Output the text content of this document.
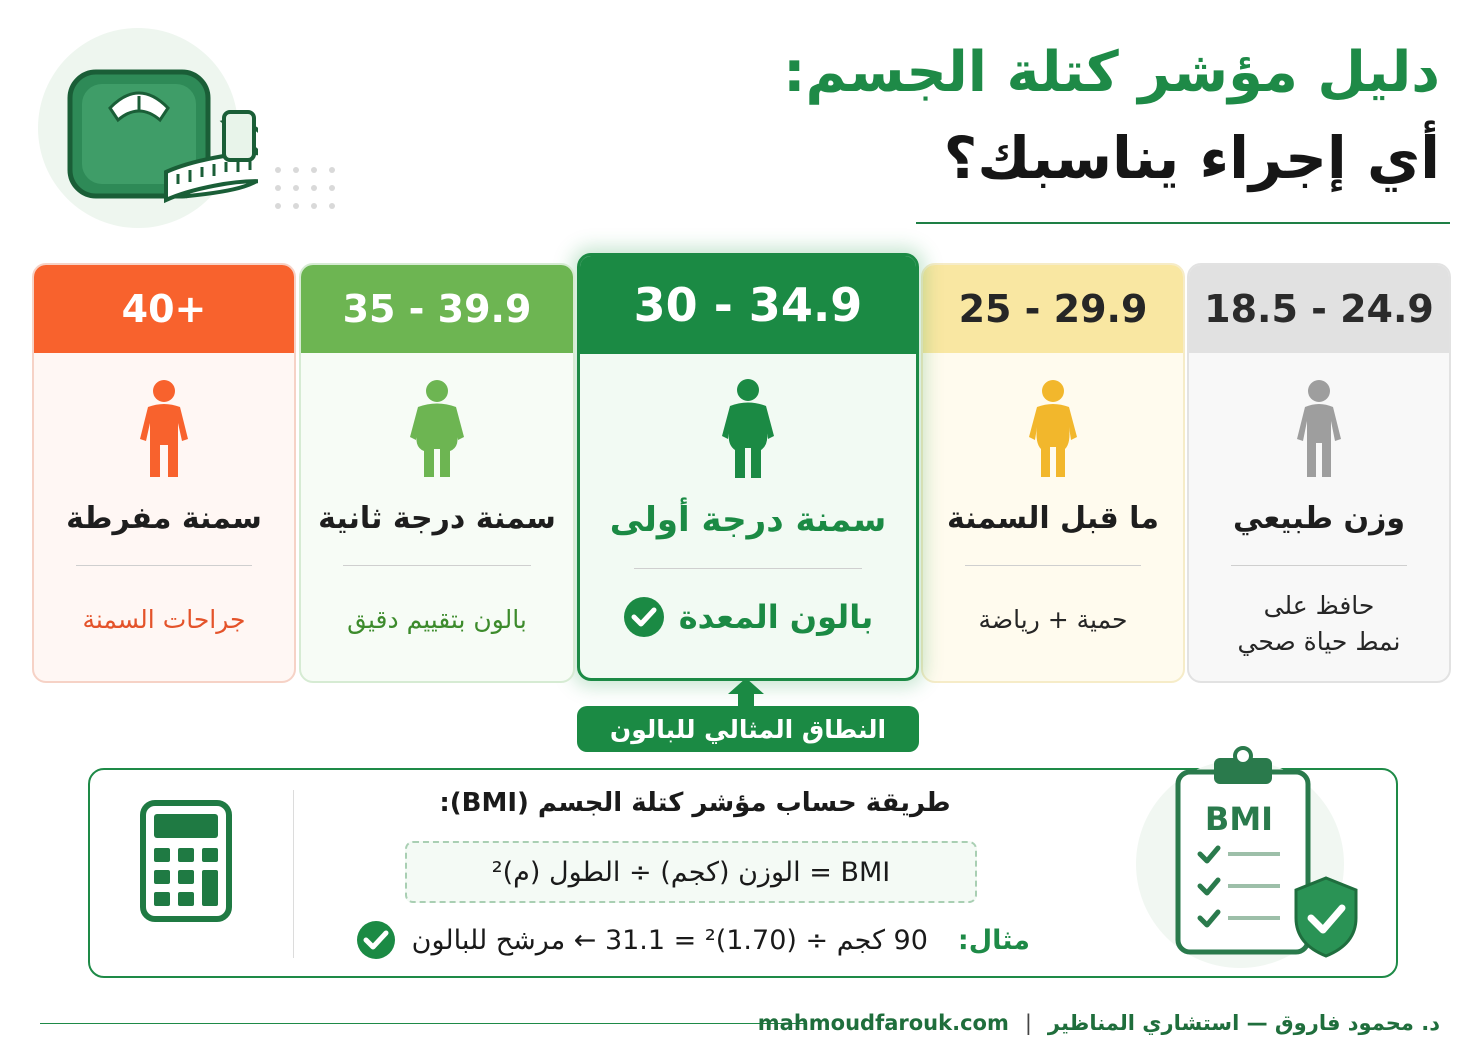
دليل مؤشر كتلة الجسم:
أي إجراء يناسبك؟
18.5 - 24.9
وزن طبيعي
حافظ على
نمط حياة صحي
25 - 29.9
ما قبل السمنة
حمية + رياضة
30 - 34.9
سمنة درجة أولى
بالون المعدة
35 - 39.9
سمنة درجة ثانية
بالون بتقييم دقيق
40+
سمنة مفرطة
جراحات السمنة
النطاق المثالي للبالون
طريقة حساب مؤشر كتلة الجسم (BMI):
BMI = الوزن (كجم) ÷ الطول (م)²
مثال:
90 كجم ÷ (1.70)² = 31.1 ← مرشح للبالون
BMI
د. محمود فاروق — استشاري المناظير
|
mahmoudfarouk.com
